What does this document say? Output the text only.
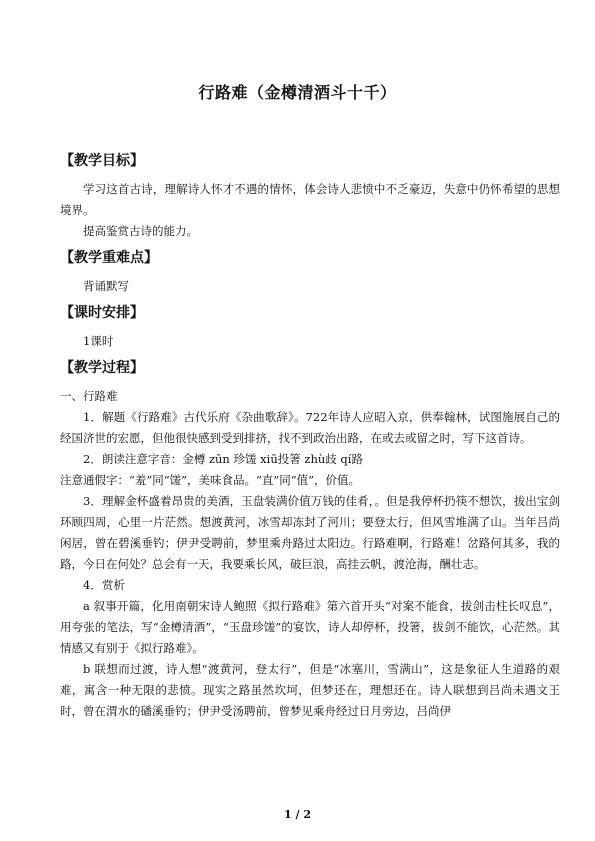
行路难（金樽清酒斗十千）
【教学目标】

学习这首古诗，理解诗人怀才不遇的情怀，体会诗人悲愤中不乏豪迈，失意中仍怀希望的思想境界。

提高鉴赏古诗的能力。

【教学重难点】

背诵默写

【课时安排】

1课时

【教学过程】

一、行路难

1．解题《行路难》古代乐府《杂曲歌辞》。722年诗人应昭入京，供奉翰林，试图施展自己的经国济世的宏愿，但他很快感到受到排挤，找不到政治出路，在或去或留之时，写下这首诗。

2．朗读注意字音：金樽 zūn 珍馐 xiū投箸 zhù歧 qí路

注意通假字：“羞”同“馐”，美味食品。“直”同“值”，价值。

3．理解金杯盛着昂贵的美酒，玉盘装满价值万钱的佳肴，。但是我停杯扔筷不想饮，拔出宝剑环顾四周，心里一片茫然。想渡黄河，冰雪却冻封了河川；要登太行，但风雪堆满了山。当年吕尚闲居，曾在碧溪垂钓；伊尹受聘前，梦里乘舟路过太阳边。行路难啊，行路难！岔路何其多，我的路，今日在何处？总会有一天，我要乘长风，破巨浪，高挂云帆，渡沧海，酬壮志。

4．赏析

a 叙事开篇，化用南朝宋诗人鲍照《拟行路难》第六首开头“对案不能食，拔剑击柱长叹息”，用夸张的笔法，写“金樽清酒”，“玉盘珍馐”的宴饮，诗人却停杯，投箸，拔剑不能饮，心茫然。其情感又有别于《拟行路难》。

b 联想而过渡，诗人想“渡黄河，登太行”，但是“冰塞川，雪满山”，这是象征人生道路的艰难，寓含一种无限的悲愤。现实之路虽然坎坷，但梦还在，理想还在。诗人联想到吕尚未遇文王时，曾在渭水的磻溪垂钓；伊尹受汤聘前，曾梦见乘舟经过日月旁边，吕尚伊

1 / 2
